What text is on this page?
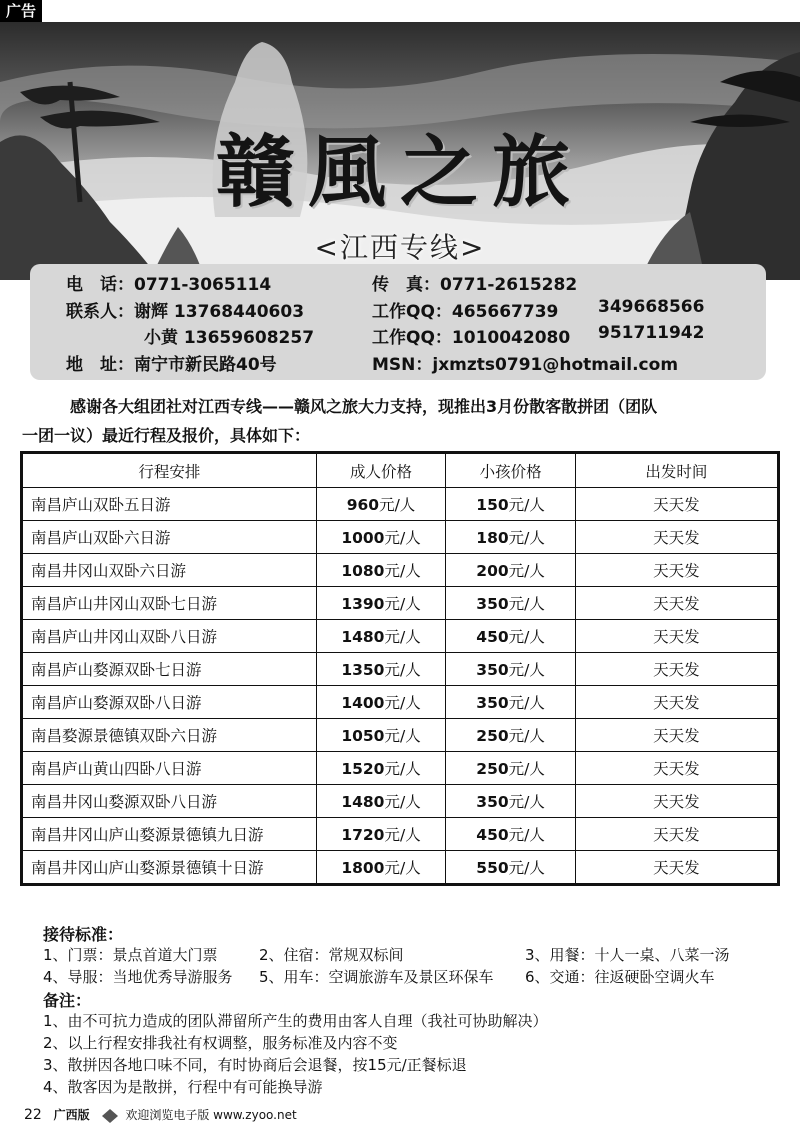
广告
贛風之旅
<江西专线>
电　话：0771-3065114	传　真：0771-2615282
联系人：谢辉 13768440603	工作QQ：465667739 349668566
小黄 13659608257	工作QQ：1010042080 951711942
地　址：南宁市新民路40号	MSN：jxmzts0791@hotmail.com
感谢各大组团社对江西专线——赣风之旅大力支持，现推出3月份散客散拼团（团队
一团一议）最近行程及报价，具体如下：
行程安排	成人价格	小孩价格	出发时间
南昌庐山双卧五日游	960元/人	150元/人	天天发
南昌庐山双卧六日游	1000元/人	180元/人	天天发
南昌井冈山双卧六日游	1080元/人	200元/人	天天发
南昌庐山井冈山双卧七日游	1390元/人	350元/人	天天发
南昌庐山井冈山双卧八日游	1480元/人	450元/人	天天发
南昌庐山婺源双卧七日游	1350元/人	350元/人	天天发
南昌庐山婺源双卧八日游	1400元/人	350元/人	天天发
南昌婺源景德镇双卧六日游	1050元/人	250元/人	天天发
南昌庐山黄山四卧八日游	1520元/人	250元/人	天天发
南昌井冈山婺源双卧八日游	1480元/人	350元/人	天天发
南昌井冈山庐山婺源景德镇九日游	1720元/人	450元/人	天天发
南昌井冈山庐山婺源景德镇十日游	1800元/人	550元/人	天天发
接待标准：
1、门票：景点首道大门票	2、住宿：常规双标间	3、用餐：十人一桌、八菜一汤
4、导服：当地优秀导游服务 5、用车：空调旅游车及景区环保车 6、交通：往返硬卧空调火车
备注：
1、由不可抗力造成的团队滞留所产生的费用由客人自理（我社可协助解决）
2、以上行程安排我社有权调整，服务标准及内容不变
3、散拼因各地口味不同，有时协商后会退餐，按15元/正餐标退
4、散客因为是散拼，行程中有可能换导游
22 广西版	欢迎浏览电子版 www.zyoo.net
